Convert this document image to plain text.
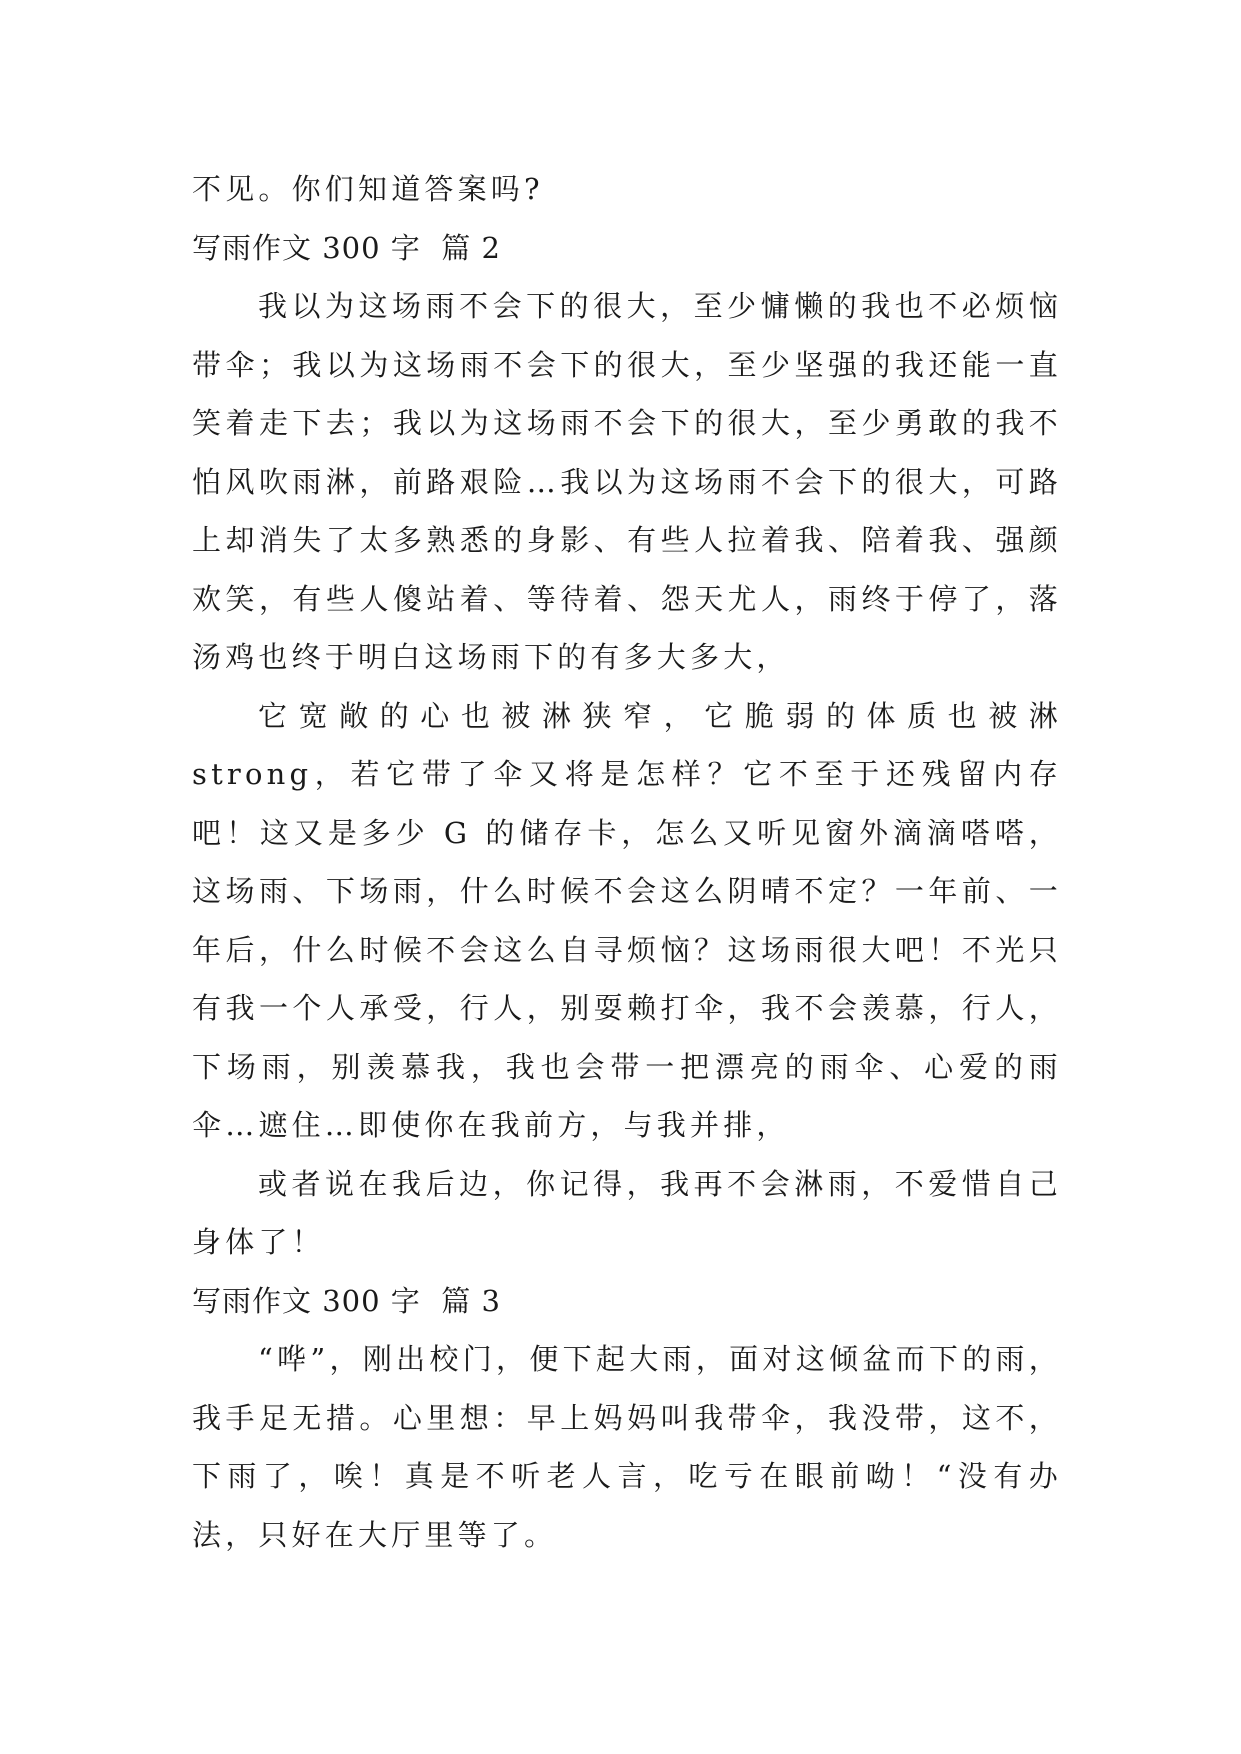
不见。你们知道答案吗?

写雨作文 300 字  篇 2

我以为这场雨不会下的很大，至少慵懒的我也不必烦恼带伞；我以为这场雨不会下的很大，至少坚强的我还能一直笑着走下去；我以为这场雨不会下的很大，至少勇敢的我不怕风吹雨淋，前路艰险…我以为这场雨不会下的很大，可路上却消失了太多熟悉的身影、有些人拉着我、陪着我、强颜欢笑，有些人傻站着、等待着、怨天尤人，雨终于停了，落汤鸡也终于明白这场雨下的有多大多大，

它宽敞的心也被淋狭窄，它脆弱的体质也被淋 strong，若它带了伞又将是怎样？它不至于还残留内存吧！这又是多少 G 的储存卡，怎么又听见窗外滴滴嗒嗒，这场雨、下场雨，什么时候不会这么阴晴不定？一年前、一年后，什么时候不会这么自寻烦恼？这场雨很大吧！不光只有我一个人承受，行人，别耍赖打伞，我不会羡慕，行人，下场雨，别羡慕我，我也会带一把漂亮的雨伞、心爱的雨伞…遮住…即使你在我前方，与我并排，

或者说在我后边，你记得，我再不会淋雨，不爱惜自己身体了！

写雨作文 300 字  篇 3

“哗”，刚出校门，便下起大雨，面对这倾盆而下的雨，我手足无措。心里想：早上妈妈叫我带伞，我没带，这不，下雨了，唉！真是不听老人言，吃亏在眼前呦！“没有办法，只好在大厅里等了。
